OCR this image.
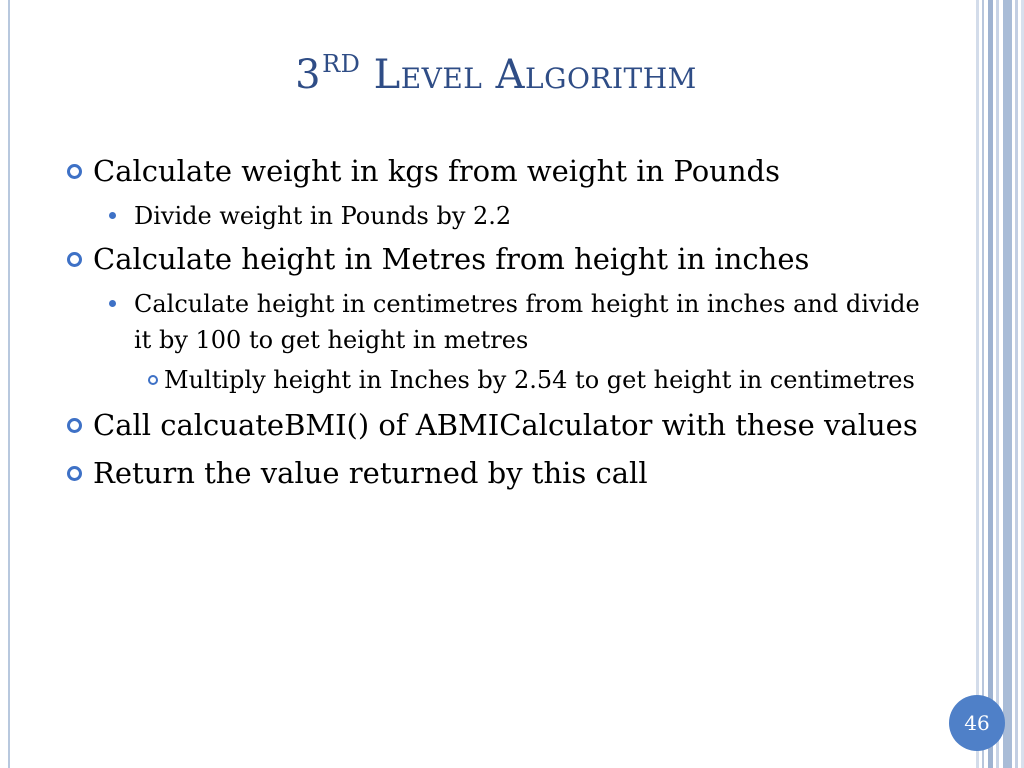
3RD Level Algorithm
Calculate weight in kgs from weight in Pounds
Divide weight in Pounds by 2.2
Calculate height in Metres from height in inches
Calculate height in centimetres from height in inches and divide it by 100 to get height in metres
Multiply height in Inches by 2.54 to get height in centimetres
Call calcuateBMI() of ABMICalculator with these values
Return the value returned by this call
46
